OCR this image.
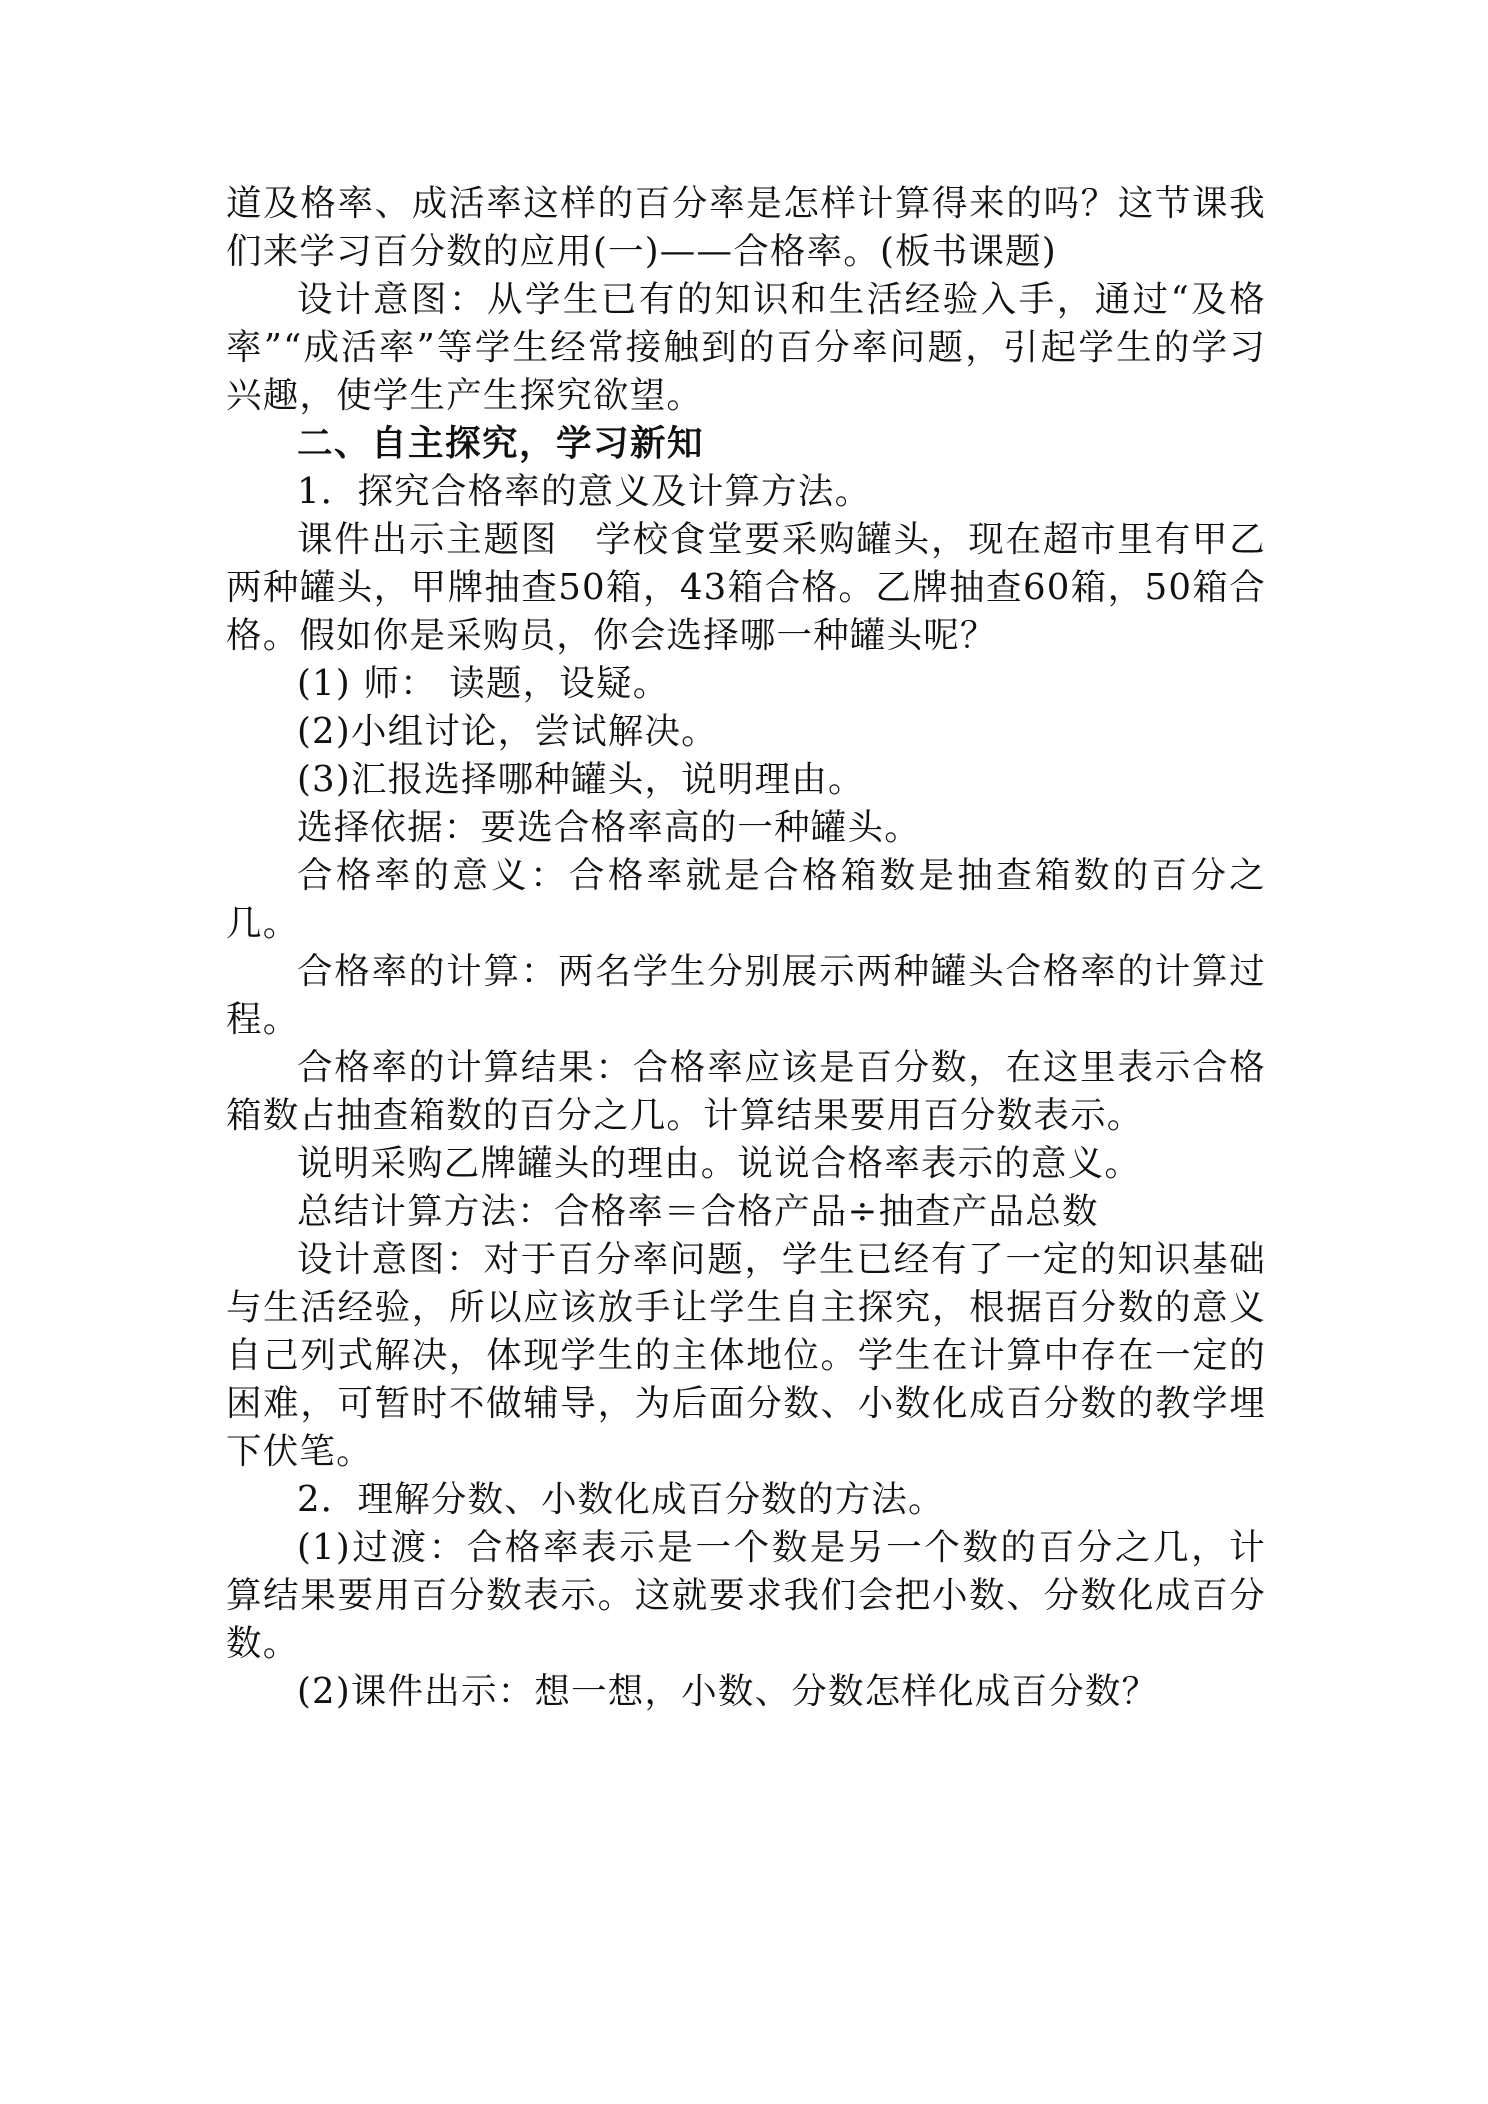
道及格率、成活率这样的百分率是怎样计算得来的吗？这节课我们来学习百分数的应用(一)——合格率。(板书课题)

设计意图：从学生已有的知识和生活经验入手，通过“及格率”“成活率”等学生经常接触到的百分率问题，引起学生的学习兴趣，使学生产生探究欲望。

二、自主探究，学习新知

1．探究合格率的意义及计算方法。

课件出示主题图　学校食堂要采购罐头，现在超市里有甲乙两种罐头，甲牌抽查50箱，43箱合格。乙牌抽查60箱，50箱合格。假如你是采购员，你会选择哪一种罐头呢？

(1) 师： 读题，设疑。

(2)小组讨论，尝试解决。

(3)汇报选择哪种罐头，说明理由。

选择依据：要选合格率高的一种罐头。

合格率的意义：合格率就是合格箱数是抽查箱数的百分之几。

合格率的计算：两名学生分别展示两种罐头合格率的计算过程。

合格率的计算结果：合格率应该是百分数，在这里表示合格箱数占抽查箱数的百分之几。计算结果要用百分数表示。

说明采购乙牌罐头的理由。说说合格率表示的意义。

总结计算方法：合格率＝合格产品÷抽查产品总数

设计意图：对于百分率问题，学生已经有了一定的知识基础与生活经验，所以应该放手让学生自主探究，根据百分数的意义自己列式解决，体现学生的主体地位。学生在计算中存在一定的困难，可暂时不做辅导，为后面分数、小数化成百分数的教学埋下伏笔。

2．理解分数、小数化成百分数的方法。

(1)过渡：合格率表示是一个数是另一个数的百分之几，计算结果要用百分数表示。这就要求我们会把小数、分数化成百分数。

(2)课件出示：想一想，小数、分数怎样化成百分数？
